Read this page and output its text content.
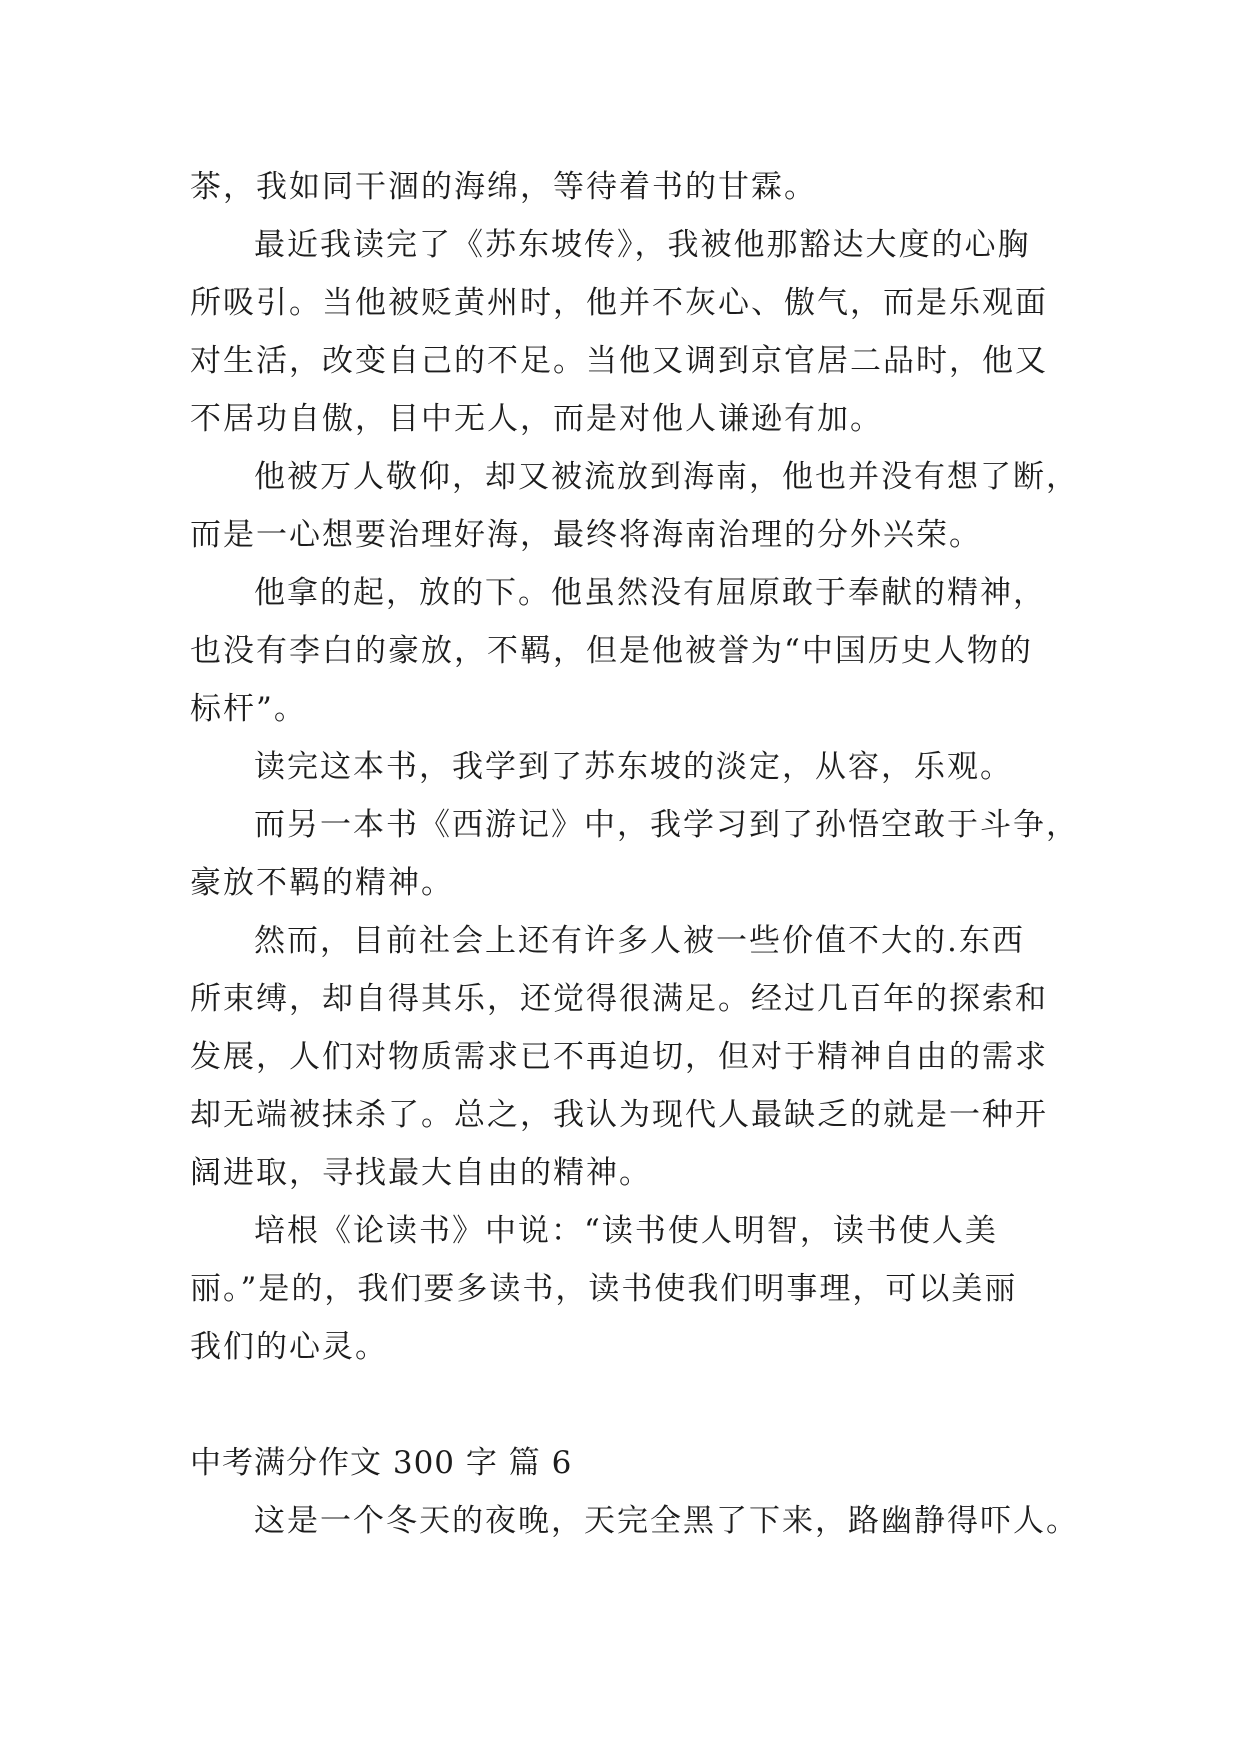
茶，我如同干涸的海绵，等待着书的甘霖。
最近我读完了《苏东坡传》，我被他那豁达大度的心胸
所吸引。当他被贬黄州时，他并不灰心、傲气，而是乐观面
对生活，改变自己的不足。当他又调到京官居二品时，他又
不居功自傲，目中无人，而是对他人谦逊有加。
他被万人敬仰，却又被流放到海南，他也并没有想了断，
而是一心想要治理好海，最终将海南治理的分外兴荣。
他拿的起，放的下。他虽然没有屈原敢于奉献的精神，
也没有李白的豪放，不羁，但是他被誉为“中国历史人物的
标杆”。
读完这本书，我学到了苏东坡的淡定，从容，乐观。
而另一本书《西游记》中，我学习到了孙悟空敢于斗争，
豪放不羁的精神。
然而，目前社会上还有许多人被一些价值不大的.东西
所束缚，却自得其乐，还觉得很满足。经过几百年的探索和
发展，人们对物质需求已不再迫切，但对于精神自由的需求
却无端被抹杀了。总之，我认为现代人最缺乏的就是一种开
阔进取，寻找最大自由的精神。
培根《论读书》中说：“读书使人明智，读书使人美
丽。”是的，我们要多读书，读书使我们明事理，可以美丽
我们的心灵。
中考满分作文 300 字 篇 6
这是一个冬天的夜晚，天完全黑了下来，路幽静得吓人。
